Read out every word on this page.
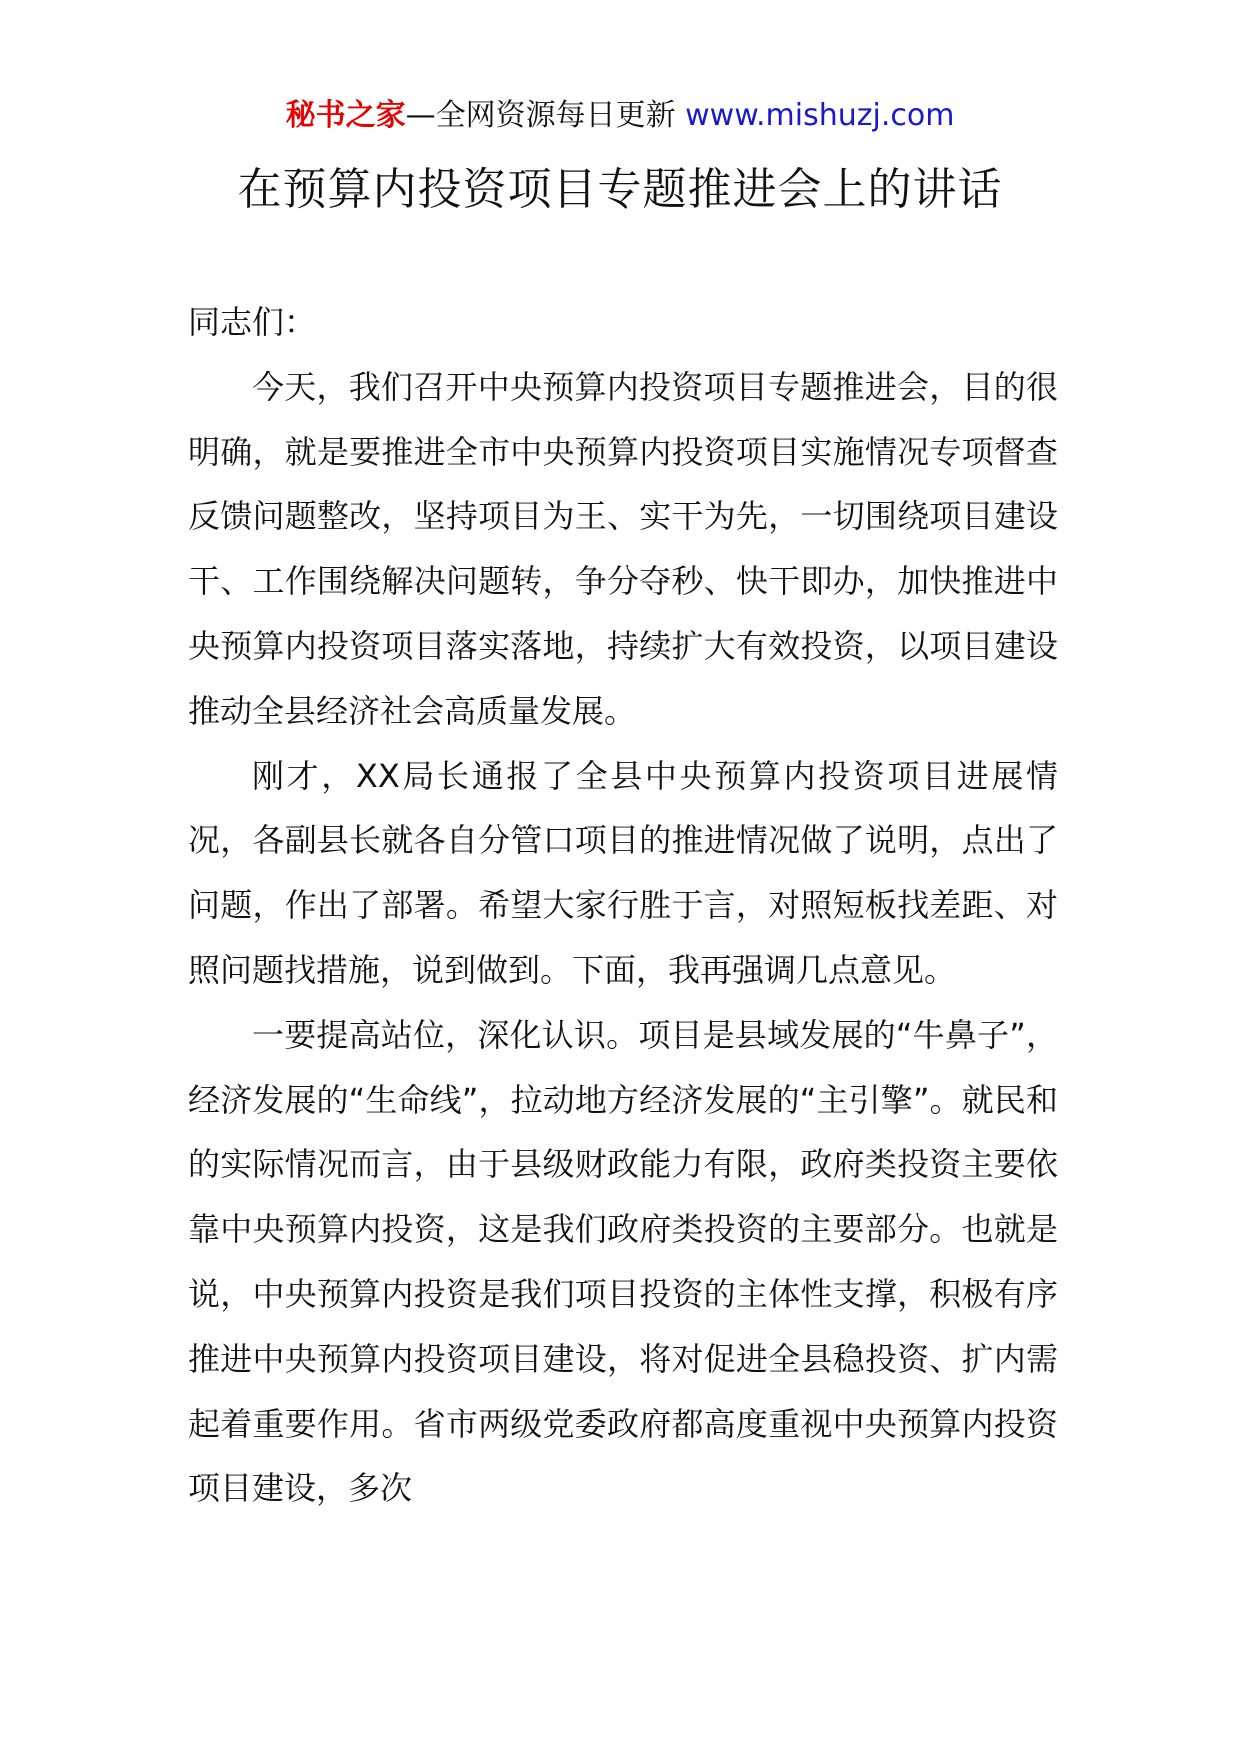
秘书之家—全网资源每日更新 www.mishuzj.com
在预算内投资项目专题推进会上的讲话

同志们：

今天，我们召开中央预算内投资项目专题推进会，目的很明确，就是要推进全市中央预算内投资项目实施情况专项督查反馈问题整改，坚持项目为王、实干为先，一切围绕项目建设干、工作围绕解决问题转，争分夺秒、快干即办，加快推进中央预算内投资项目落实落地，持续扩大有效投资，以项目建设推动全县经济社会高质量发展。

刚才，XX局长通报了全县中央预算内投资项目进展情况，各副县长就各自分管口项目的推进情况做了说明，点出了问题，作出了部署。希望大家行胜于言，对照短板找差距、对照问题找措施，说到做到。下面，我再强调几点意见。

一要提高站位，深化认识。项目是县域发展的“牛鼻子”，经济发展的“生命线”，拉动地方经济发展的“主引擎”。就民和的实际情况而言，由于县级财政能力有限，政府类投资主要依靠中央预算内投资，这是我们政府类投资的主要部分。也就是说，中央预算内投资是我们项目投资的主体性支撑，积极有序推进中央预算内投资项目建设，将对促进全县稳投资、扩内需起着重要作用。省市两级党委政府都高度重视中央预算内投资项目建设，多次
